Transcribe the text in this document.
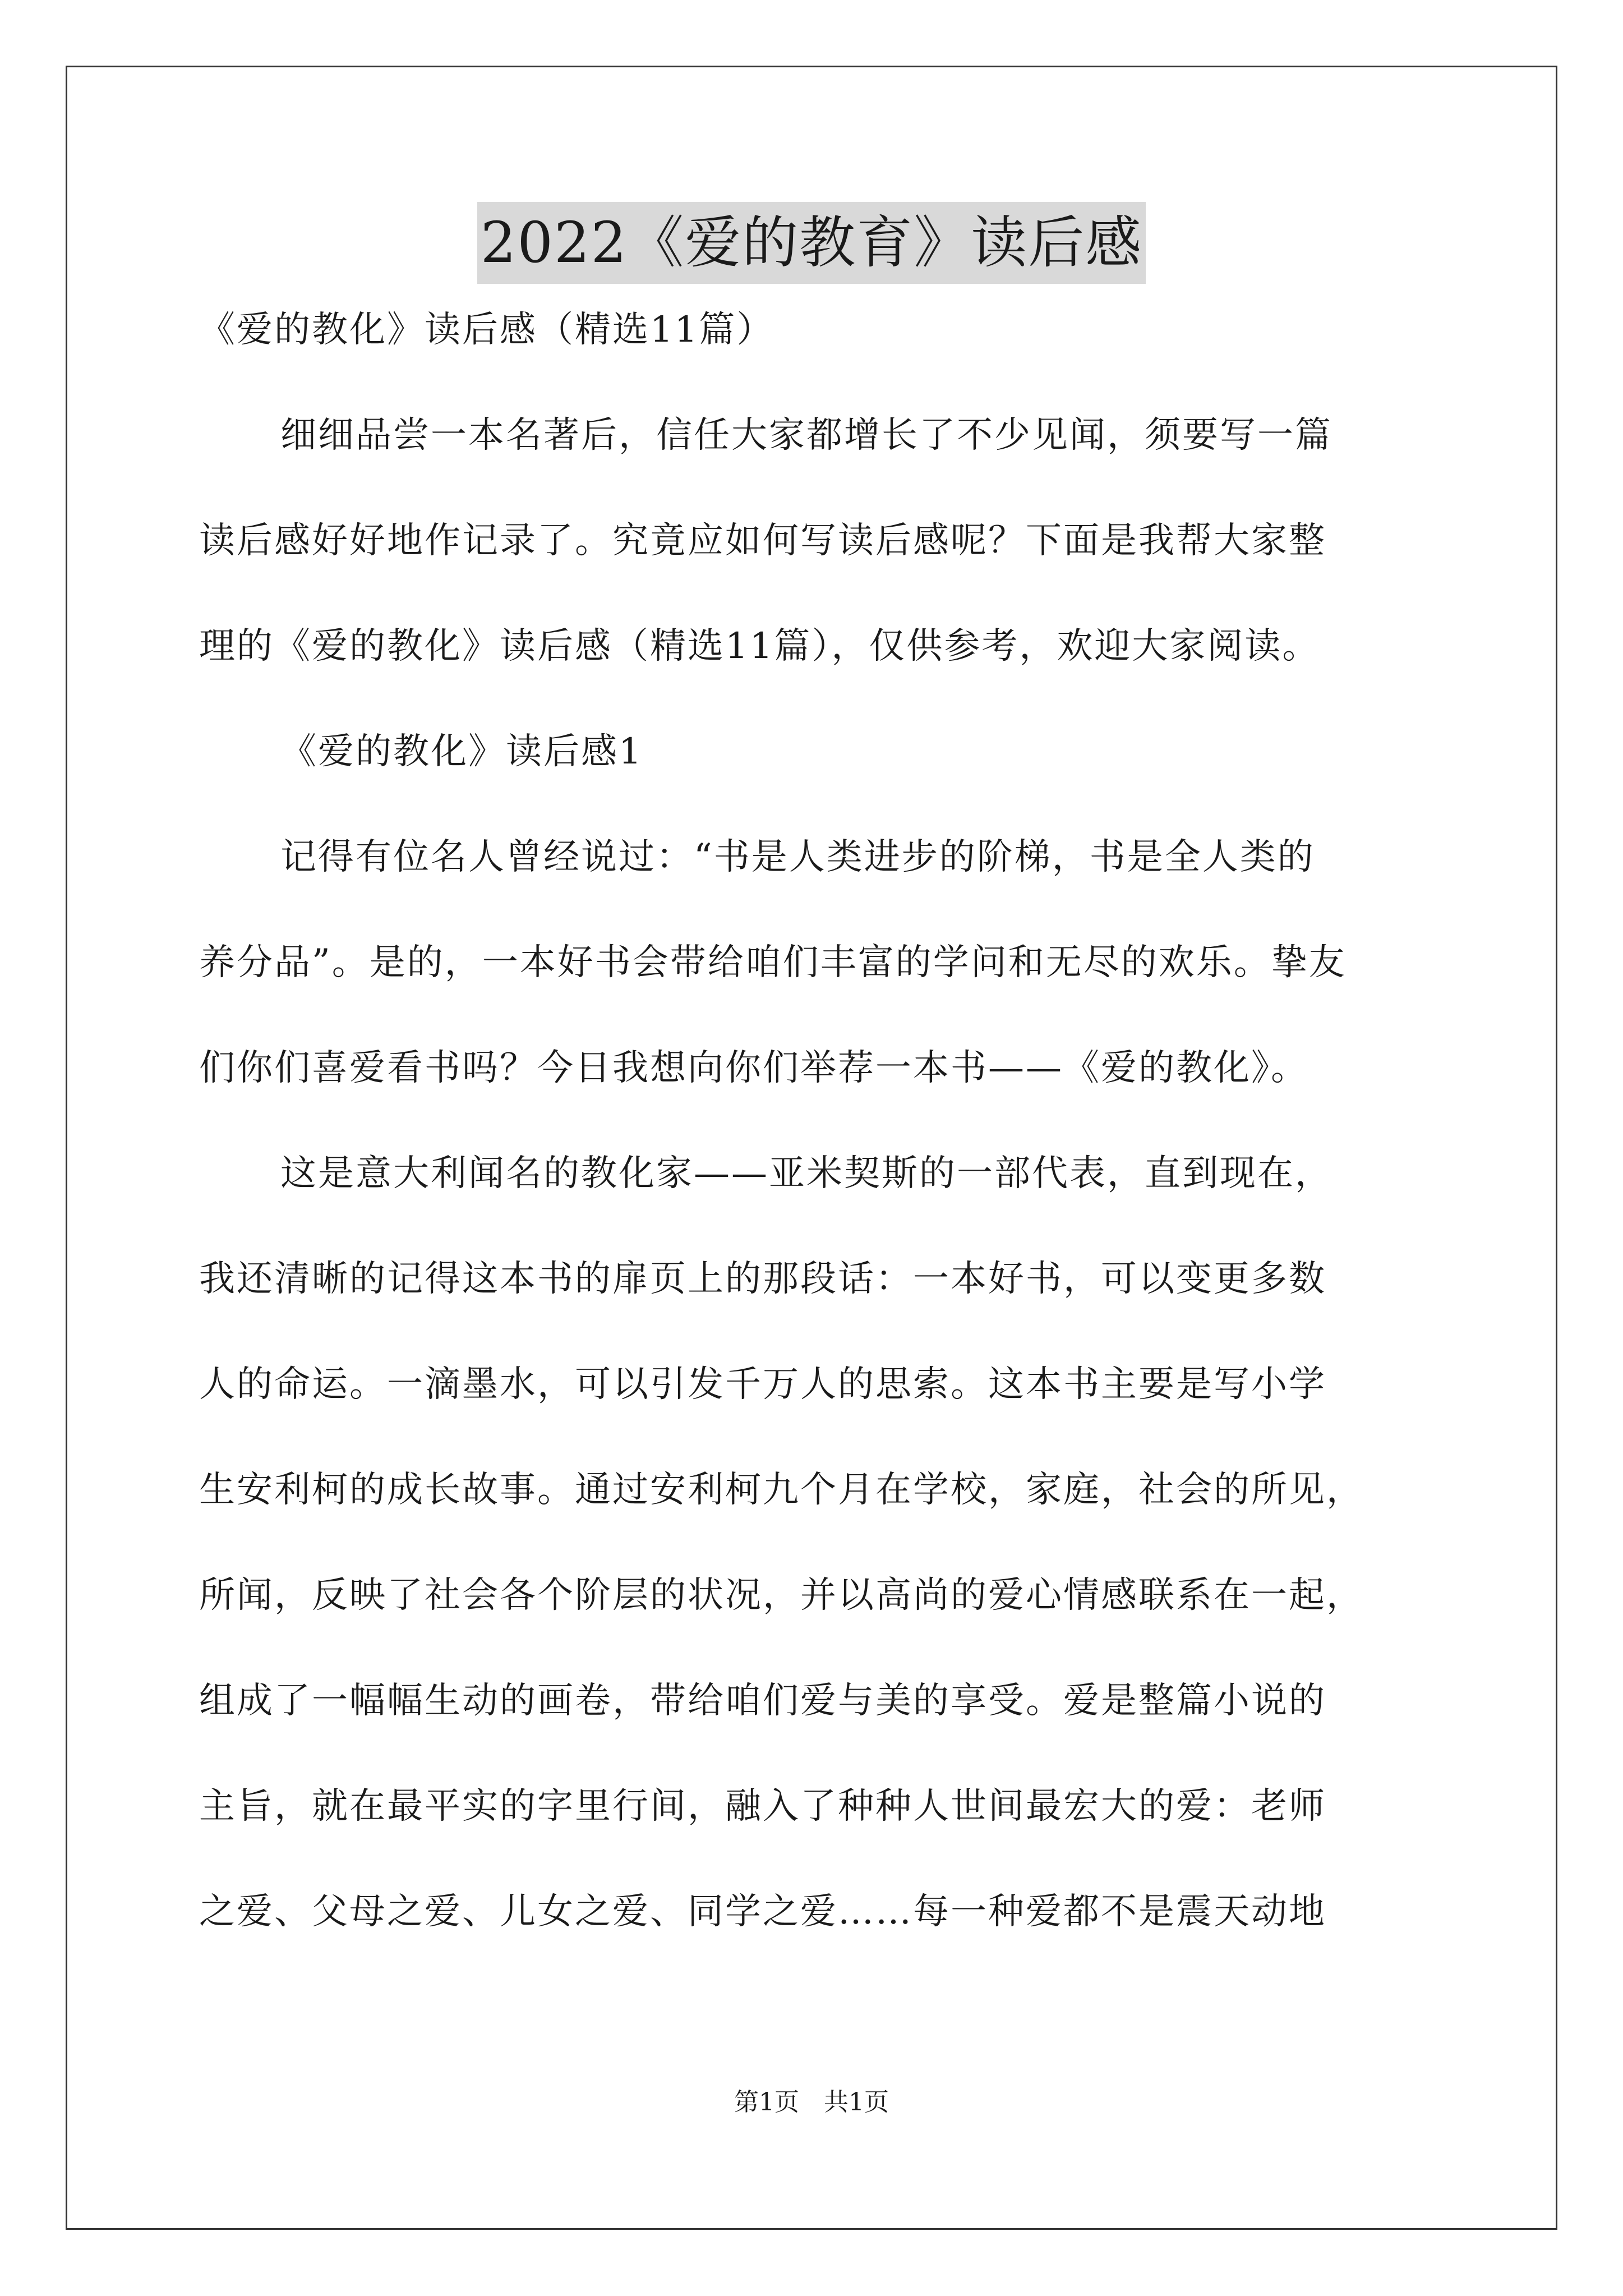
2022《爱的教育》读后感
《爱的教化》读后感（精选11篇）
细细品尝一本名著后，信任大家都增长了不少见闻，须要写一篇
读后感好好地作记录了。究竟应如何写读后感呢？下面是我帮大家整
理的《爱的教化》读后感（精选11篇），仅供参考，欢迎大家阅读。
《爱的教化》读后感1
记得有位名人曾经说过：“书是人类进步的阶梯，书是全人类的
养分品”。是的，一本好书会带给咱们丰富的学问和无尽的欢乐。挚友
们你们喜爱看书吗？今日我想向你们举荐一本书——《爱的教化》。
这是意大利闻名的教化家——亚米契斯的一部代表，直到现在，
我还清晰的记得这本书的扉页上的那段话：一本好书，可以变更多数
人的命运。一滴墨水，可以引发千万人的思索。这本书主要是写小学
生安利柯的成长故事。通过安利柯九个月在学校，家庭，社会的所见，
所闻，反映了社会各个阶层的状况，并以高尚的爱心情感联系在一起，
组成了一幅幅生动的画卷，带给咱们爱与美的享受。爱是整篇小说的
主旨，就在最平实的字里行间，融入了种种人世间最宏大的爱：老师
之爱、父母之爱、儿女之爱、同学之爱……每一种爱都不是震天动地
第1页 共1页
